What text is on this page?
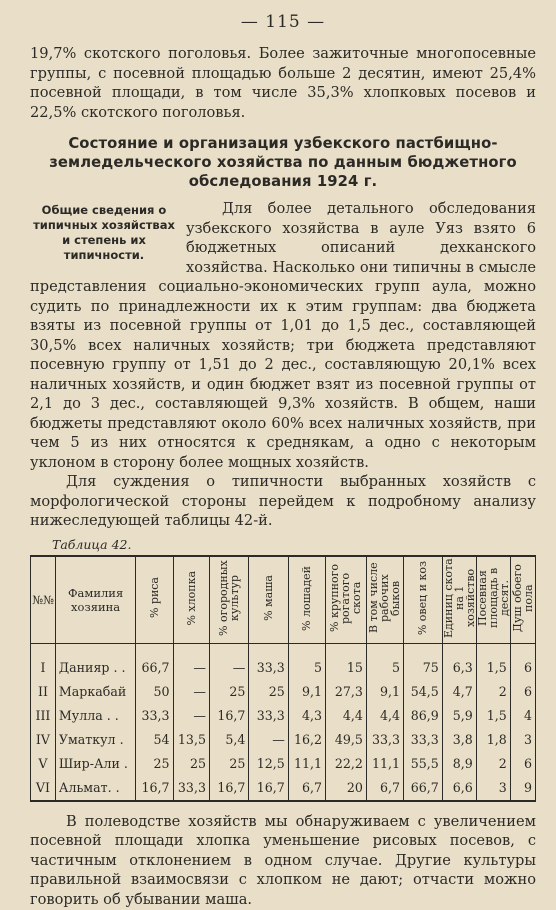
— 115 —

19,7% скотского поголовья. Более зажиточные многопосевные группы, с посевной площадью больше 2 десятин, имеют 25,4% посевной площади, в том числе 35,3% хлопковых посевов и 22,5% скотского поголовья.

Состояние и организация узбекского пастбищно-земледельческого хозяйства по данным бюджетного обследования 1924 г.
Общие сведения о типичных хозяйствах и степень их типичности.

Для более детального обследования узбекского хозяйства в ауле Уяз взято 6 бюджетных описаний дехканского хозяйства. Насколько они типичны в смысле представления социально-экономических групп аула, можно судить по принадлежности их к этим группам: два бюджета взяты из посевной группы от 1,01 до 1,5 дес., составляющей 30,5% всех наличных хозяйств; три бюджета представляют посевную группу от 1,51 до 2 дес., составляющую 20,1% всех наличных хозяйств, и один бюджет взят из посевной группы от 2,1 до 3 дес., составляющей 9,3% хозяйств. В общем, наши бюджеты представляют около 60% всех наличных хозяйств, при чем 5 из них относятся к среднякам, а одно с некоторым уклоном в сторону более мощных хозяйств.

Для суждения о типичности выбранных хозяйств с морфологической стороны перейдем к подробному анализу нижеследующей таблицы 42-й.

Таблица 42.
№№	Фамилия хозяина	% риса	% хлопка	% огородных культур	% маша	% лошадей	% крупного рогатого скота	В том числе рабочих быков	% овец и коз	Единиц скота на 1 хозяйство	Посевная площадь в десят.	Душ обоего пола

I	Данияр . .	66,7	—	—	33,3	5	15	5	75	6,3	1,5	6
II	Маркабай	50	—	25	25	9,1	27,3	9,1	54,5	4,7	2	6
III	Мулла . .	33,3	—	16,7	33,3	4,3	4,4	4,4	86,9	5,9	1,5	4
IV	Уматкул .	54	13,5	5,4	—	16,2	49,5	33,3	33,3	3,8	1,8	3
V	Шир-Али .	25	25	25	12,5	11,1	22,2	11,1	55,5	8,9	2	6
VI	Альмат. .	16,7	33,3	16,7	16,7	6,7	20	6,7	66,7	6,6	3	9

В полеводстве хозяйств мы обнаруживаем с увеличением посевной площади хлопка уменьшение рисовых посевов, с частичным отклонением в одном случае. Другие культуры правильной взаимосвязи с хлопком не дают; отчасти можно говорить об убывании маша.
